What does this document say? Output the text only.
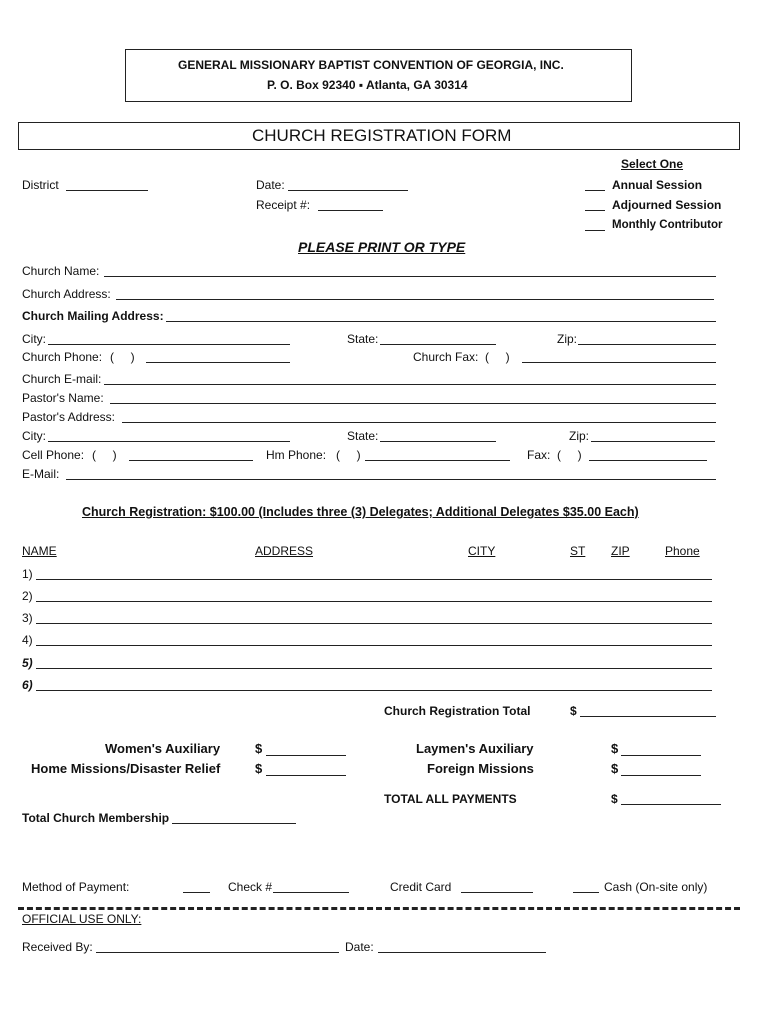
GENERAL MISSIONARY BAPTIST CONVENTION OF GEORGIA, INC.
P. O. Box 92340 ▪ Atlanta, GA 30314
CHURCH REGISTRATION FORM
Select One
Annual Session
Adjourned Session
Monthly Contributor
District	Date:
Receipt #:
PLEASE PRINT OR TYPE
Church Name:
Church Address:
Church Mailing Address:
City:	State:	Zip:
Church Phone: (     )	Church Fax: (     )
Church E-mail:
Pastor's Name:
Pastor's Address:
City:	State:	Zip:
Cell Phone: (     )	Hm Phone: (     )	Fax: (     )
E-Mail:
Church Registration: $100.00 (Includes three (3) Delegates; Additional Delegates $35.00 Each)
NAME	ADDRESS	CITY	ST ZIP	Phone
1)
2)
3)
4)
5)
6)
Church Registration Total	$
Women's Auxiliary	$
Home Missions/Disaster Relief	$
Laymen's Auxiliary	$
Foreign Missions	$
TOTAL ALL PAYMENTS	$
Total Church Membership
Method of Payment:	Check #	Credit Card	Cash (On-site only)
OFFICIAL USE ONLY:
Received By:	Date:
